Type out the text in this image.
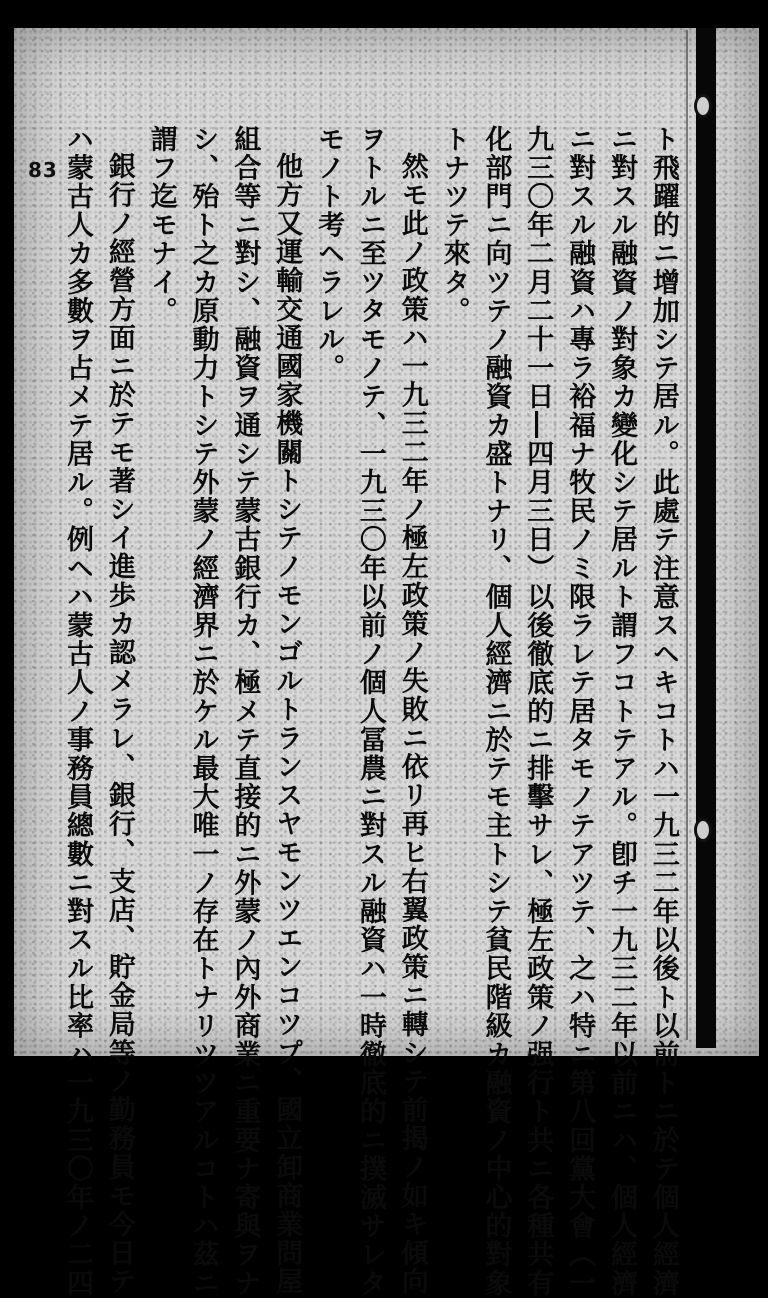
83	ト飛躍的ニ增加シテ居ル。此處テ注意スヘキコトハ一九三二年以後ト以前トニ於テ個人經濟
ニ對スル融資ノ對象カ變化シテ居ルト謂フコトテアル。卽チ一九三二年以前ニハ、個人經濟
ニ對スル融資ハ專ラ裕福ナ牧民ノミ限ラレテ居タモノテアツテ、之ハ特ニ第八回黨大會（一
九三〇年二月二十一日―四月三日）以後徹底的ニ排擊サレ、極左政策ノ强行ト共ニ各種共有
化部門ニ向ツテノ融資カ盛トナリ、個人經濟ニ於テモ主トシテ貧民階級カ融資ノ中心的對象
トナツテ來タ。
然モ此ノ政策ハ一九三二年ノ極左政策ノ失敗ニ依リ再ヒ右翼政策ニ轉シテ前揭ノ如キ傾向
ヲトルニ至ツタモノテ、一九三〇年以前ノ個人冨農ニ對スル融資ハ一時徹底的ニ撲滅サレタ
モノト考ヘラレル。
他方又運輸交通國家機關トシテノモンゴルトランスヤモンツエンコツプ、國立卸商業問屋
組合等ニ對シ、融資ヲ通シテ蒙古銀行カ、極メテ直接的ニ外蒙ノ內外商業ニ重要ナ寄與ヲナ
シ、殆ト之カ原動力トシテ外蒙ノ經濟界ニ於ケル最大唯一ノ存在トナリツツアルコトハ茲ニ
謂フ迄モナイ。
銀行ノ經營方面ニ於テモ著シイ進歩カ認メラレ、銀行、支店、貯金局等ノ勤務員モ今日テ
ハ蒙古人カ多數ヲ占メテ居ル。例ヘハ蒙古人ノ事務員總數ニ對スル比率ハ一九三〇年ノ二四
